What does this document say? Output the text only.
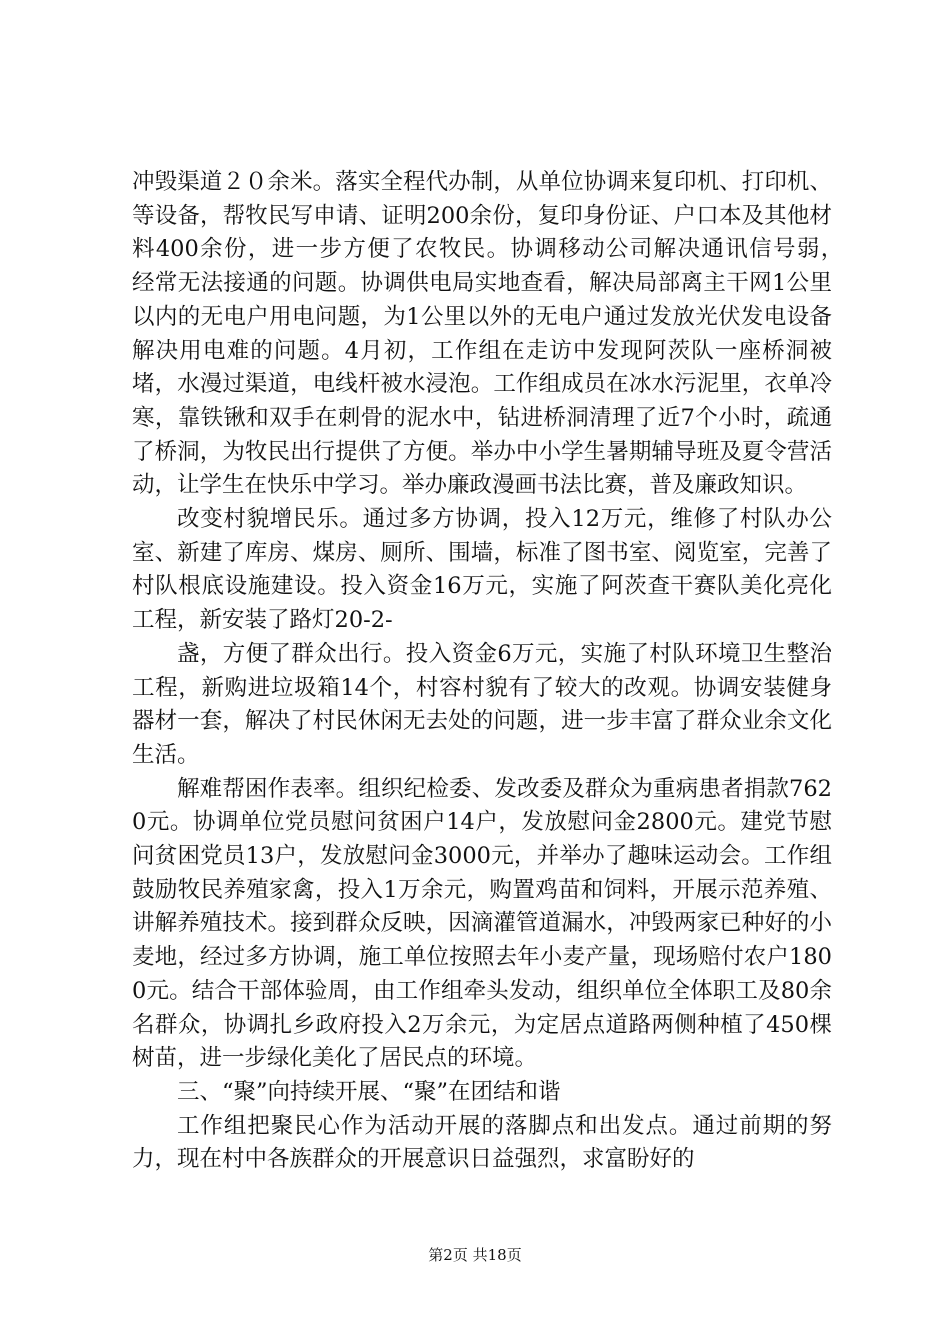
冲毁渠道２０余米。落实全程代办制，从单位协调来复印机、打印机、等设备，帮牧民写申请、证明200余份，复印身份证、户口本及其他材料400余份，进一步方便了农牧民。协调移动公司解决通讯信号弱，　　经常无法接通的问题。协调供电局实地查看，解决局部离主干网1公里以内的无电户用电问题，为1公里以外的无电户通过发放光伏发电设备解决用电难的问题。4月初，工作组在走访中发现阿茨队一座桥洞被堵，水漫过渠道，电线杆被水浸泡。工作组成员在冰水污泥里，衣单冷寒，靠铁锹和双手在刺骨的泥水中，钻进桥洞清理了近7个小时，疏通了桥洞，为牧民出行提供了方便。举办中小学生暑期辅导班及夏令营活动，让学生在快乐中学习。举办廉政漫画书法比赛，普及廉政知识。

改变村貌增民乐。通过多方协调，投入12万元，维修了村队办公室、新建了库房、煤房、厕所、围墙，标准了图书室、阅览室，完善了村队根底设施建设。投入资金16万元，实施了阿茨查干赛队美化亮化工程，新安装了路灯20-2-

盏，方便了群众出行。投入资金6万元，实施了村队环境卫生整治工程，新购进垃圾箱14个，村容村貌有了较大的改观。协调安装健身器材一套，解决了村民休闲无去处的问题，进一步丰富了群众业余文化生活。

解难帮困作表率。组织纪检委、发改委及群众为重病患者捐款7620元。协调单位党员慰问贫困户14户，发放慰问金2800元。建党节慰问贫困党员13户，发放慰问金3000元，并举办了趣味运动会。工作组鼓励牧民养殖家禽，投入1万余元，购置鸡苗和饲料，开展示范养殖、讲解养殖技术。接到群众反映，因滴灌管道漏水，冲毁两家已种好的小麦地，经过多方协调，施工单位按照去年小麦产量，现场赔付农户1800元。结合干部体验周，由工作组牵头发动，组织单位全体职工及80余名群众，协调扎乡政府投入2万余元，为定居点道路两侧种植了450棵树苗，进一步绿化美化了居民点的环境。

三、“聚”向持续开展、“聚”在团结和谐

工作组把聚民心作为活动开展的落脚点和出发点。通过前期的努力，现在村中各族群众的开展意识日益强烈，求富盼好的

第2页 共18页
